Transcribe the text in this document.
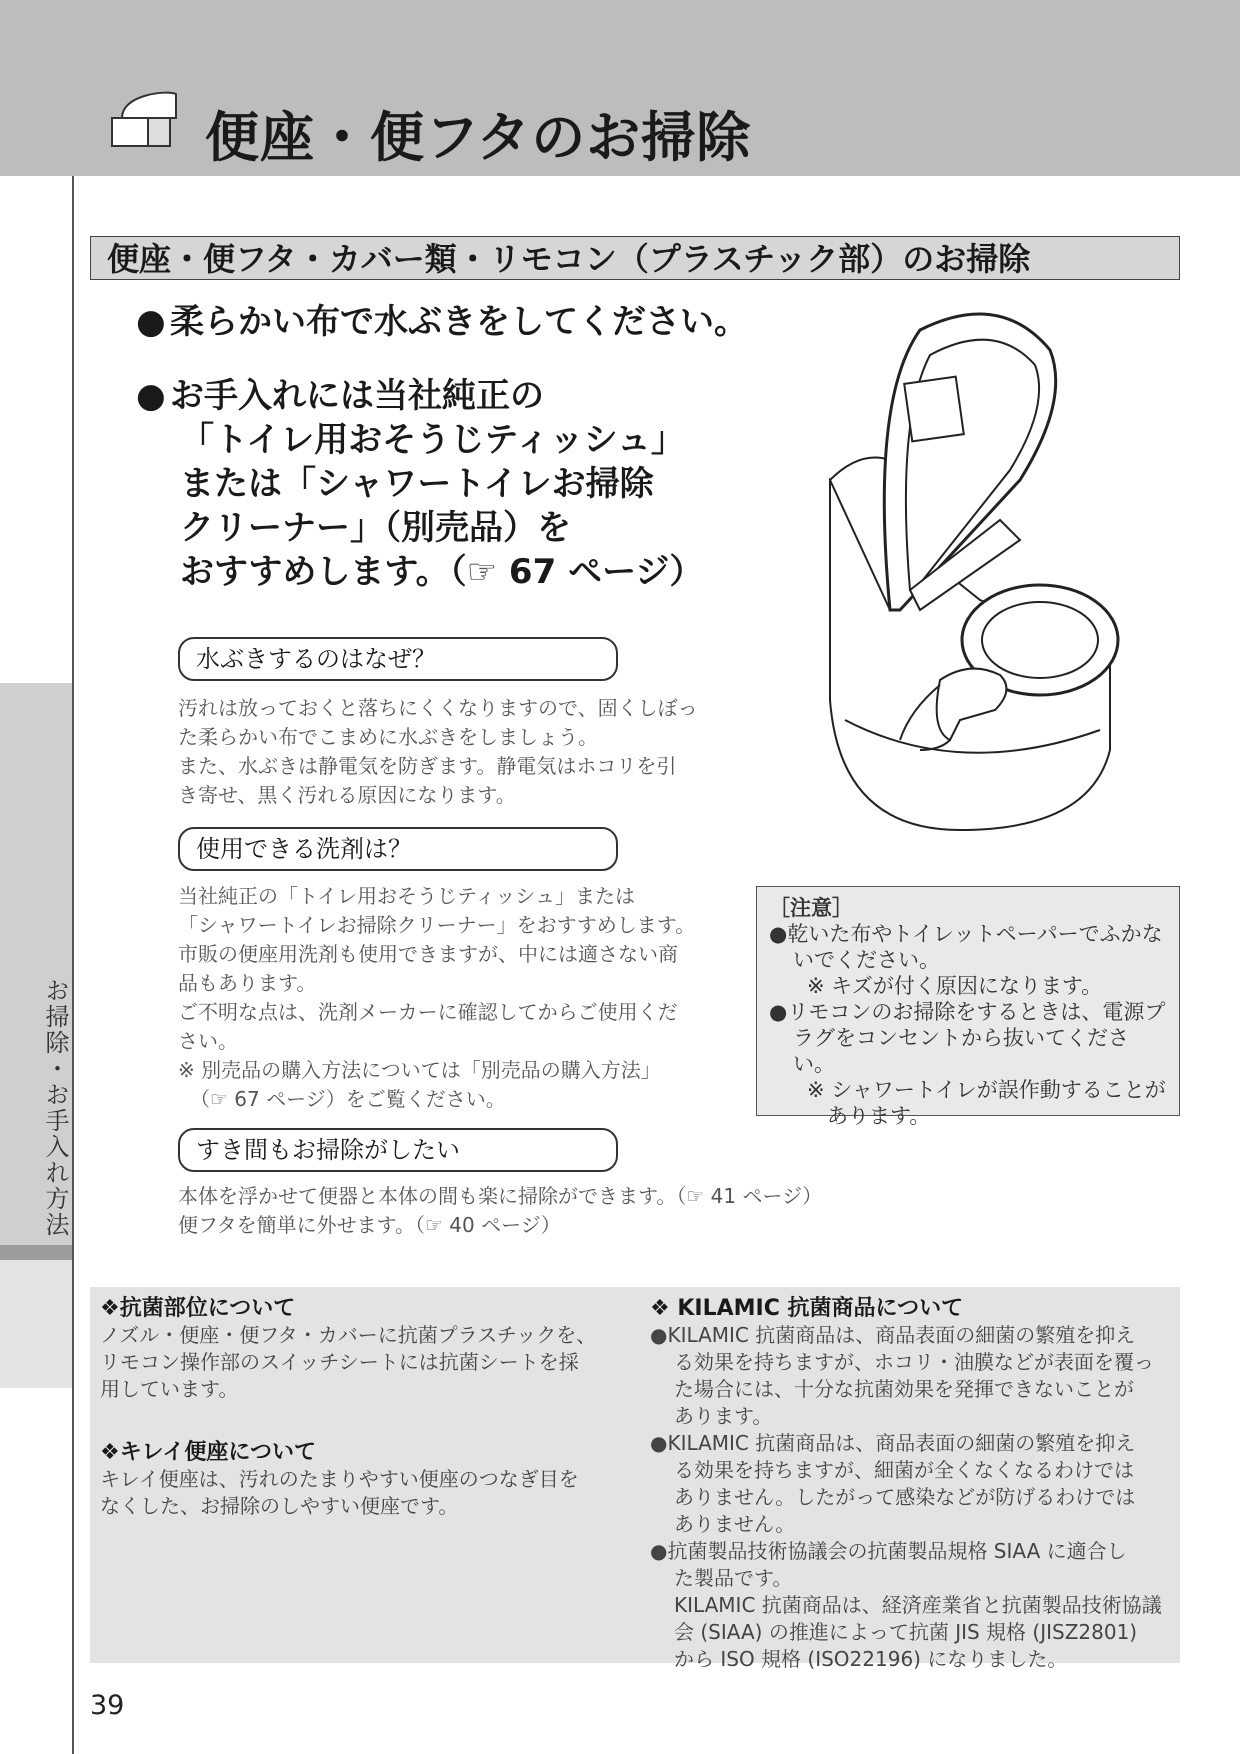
便座・便フタのお掃除
お掃除・お手入れ方法
便座・便フタ・カバー類・リモコン（プラスチック部）のお掃除
● 柔らかい布で水ぶきをしてください。
● お手入れには当社純正の
「トイレ用おそうじティッシュ」
または「シャワートイレお掃除
クリーナー」（別売品）を
おすすめします。（☞ 67 ページ）
水ぶきするのはなぜ？
汚れは放っておくと落ちにくくなりますので、固くしぼっ
た柔らかい布でこまめに水ぶきをしましょう。
また、水ぶきは静電気を防ぎます。静電気はホコリを引
き寄せ、黒く汚れる原因になります。
使用できる洗剤は？
当社純正の「トイレ用おそうじティッシュ」または
「シャワートイレお掃除クリーナー」をおすすめします。
市販の便座用洗剤も使用できますが、中には適さない商
品もあります。
ご不明な点は、洗剤メーカーに確認してからご使用くだ
さい。
※ 別売品の購入方法については「別売品の購入方法」
（☞ 67 ページ）をご覧ください。
［注意］
●乾いた布やトイレットペーパーでふかな
いでください。
※ キズが付く原因になります。
●リモコンのお掃除をするときは、電源プ
ラグをコンセントから抜いてください。
※ シャワートイレが誤作動することが
あります。
すき間もお掃除がしたい
本体を浮かせて便器と本体の間も楽に掃除ができます。（☞ 41 ページ）
便フタを簡単に外せます。（☞ 40 ページ）
❖抗菌部位について
ノズル・便座・便フタ・カバーに抗菌プラスチックを、
リモコン操作部のスイッチシートには抗菌シートを採
用しています。
❖キレイ便座について
キレイ便座は、汚れのたまりやすい便座のつなぎ目を
なくした、お掃除のしやすい便座です。
❖ KILAMIC 抗菌商品について
●KILAMIC 抗菌商品は、商品表面の細菌の繁殖を抑え
る効果を持ちますが、ホコリ・油膜などが表面を覆っ
た場合には、十分な抗菌効果を発揮できないことが
あります。
●KILAMIC 抗菌商品は、商品表面の細菌の繁殖を抑え
る効果を持ちますが、細菌が全くなくなるわけでは
ありません。したがって感染などが防げるわけでは
ありません。
●抗菌製品技術協議会の抗菌製品規格 SIAA に適合し
た製品です。
KILAMIC 抗菌商品は、経済産業省と抗菌製品技術協議
会 (SIAA) の推進によって抗菌 JIS 規格 (JISZ2801)
から ISO 規格 (ISO22196) になりました。
39
